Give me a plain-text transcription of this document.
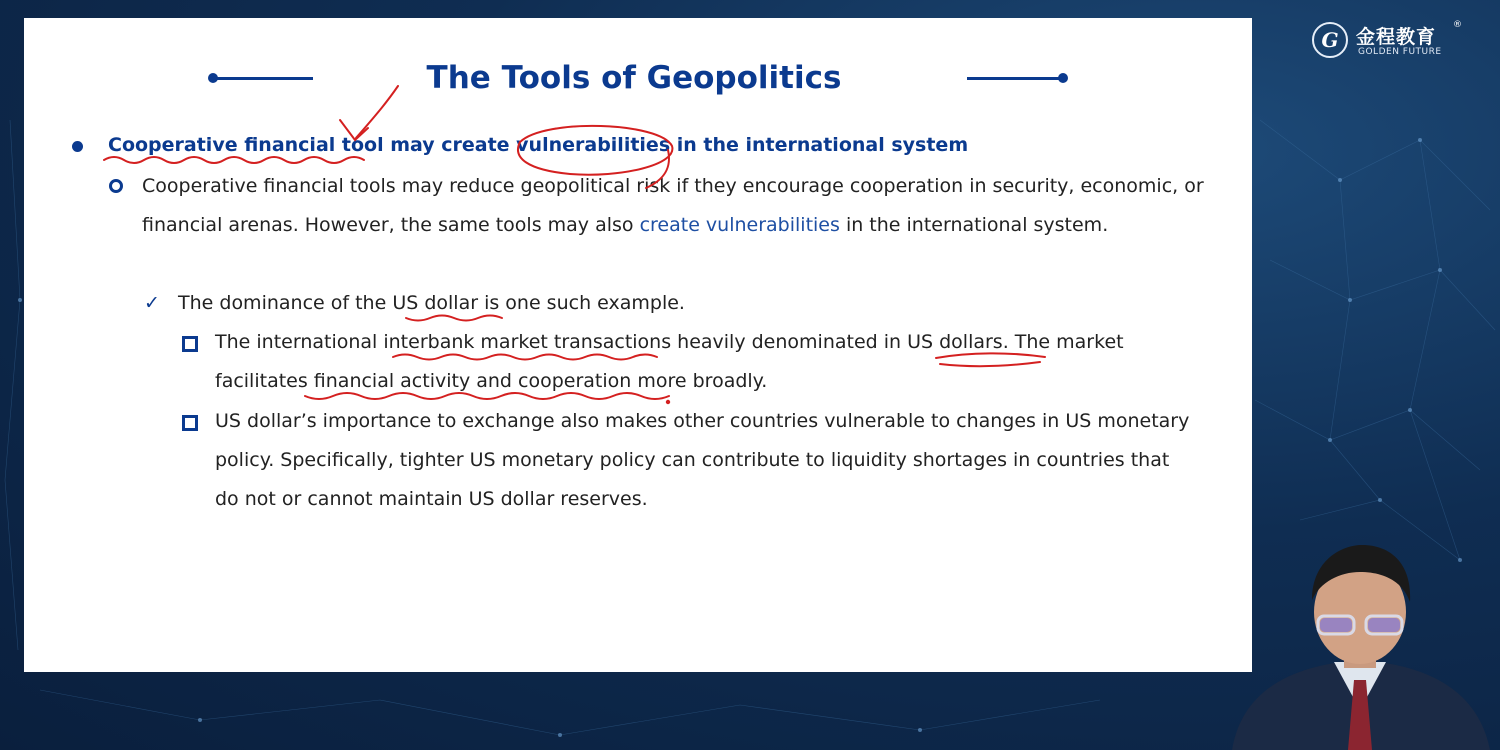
G 金程教育
®
GOLDEN FUTURE
The Tools of Geopolitics
Cooperative financial tool may create vulnerabilities in the international system
Cooperative financial tools may reduce geopolitical risk if they encourage cooperation in security, economic, or financial arenas. However, the same tools may also create vulnerabilities in the international system.
✓ The dominance of the US dollar is one such example.
The international interbank market transactions heavily denominated in US dollars. The market facilitates financial activity and cooperation more broadly.
US dollar’s importance to exchange also makes other countries vulnerable to changes in US monetary policy. Specifically, tighter US monetary policy can contribute to liquidity shortages in countries that do not or cannot maintain US dollar reserves.
